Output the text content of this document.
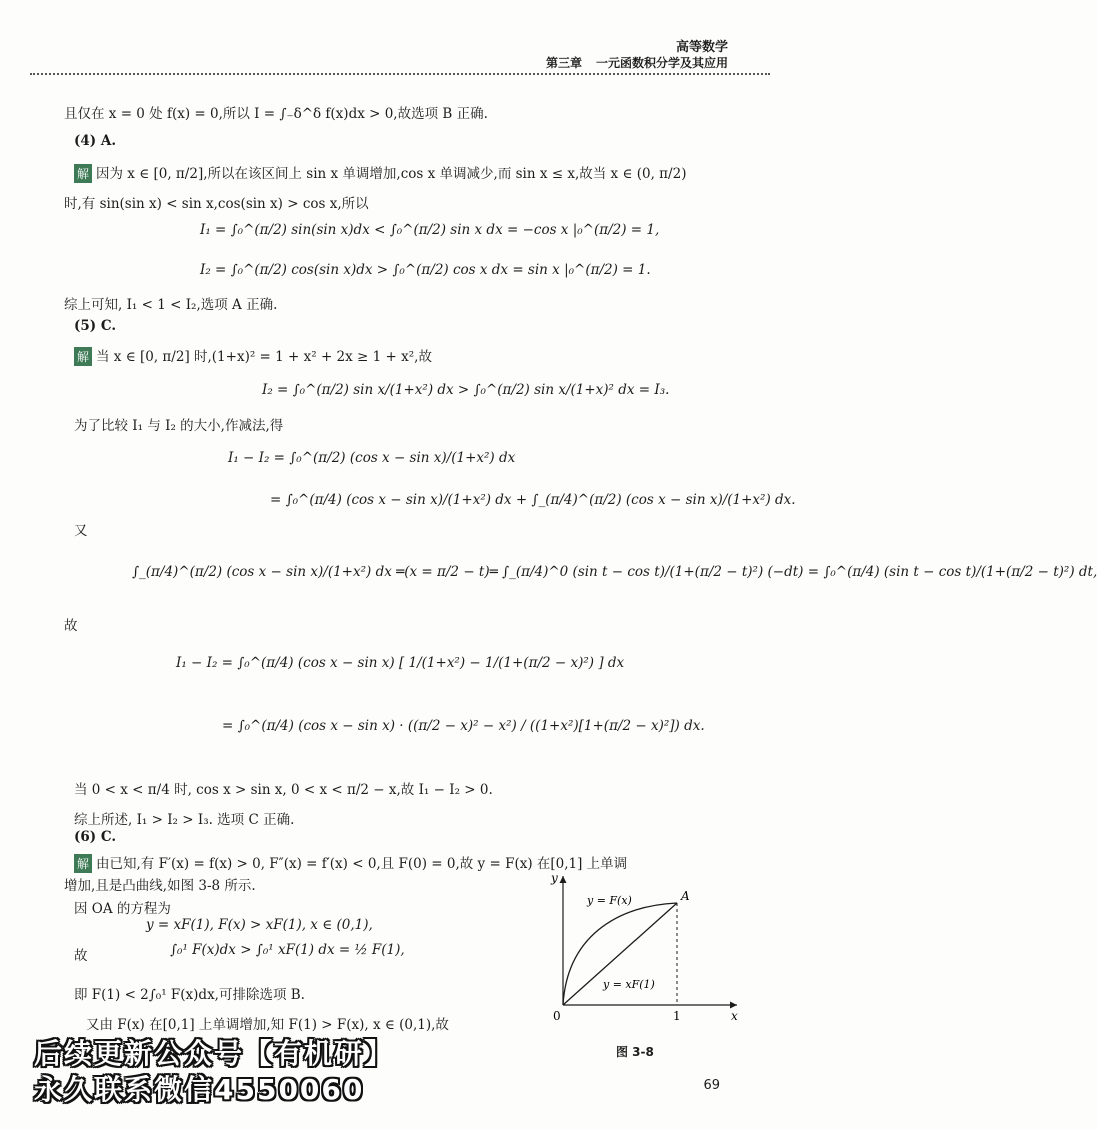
高等数学
第三章 一元函数积分学及其应用
且仅在 x = 0 处 f(x) = 0,所以 I = ∫₋δ^δ f(x)dx > 0,故选项 B 正确.
(4) A.
解 因为 x ∈ [0, π/2],所以在该区间上 sin x 单调增加,cos x 单调减少,而 sin x ≤ x,故当 x ∈ (0, π/2)
时,有 sin(sin x) < sin x,cos(sin x) > cos x,所以
I₁ = ∫₀^(π/2) sin(sin x)dx < ∫₀^(π/2) sin x dx = −cos x |₀^(π/2) = 1,
I₂ = ∫₀^(π/2) cos(sin x)dx > ∫₀^(π/2) cos x dx = sin x |₀^(π/2) = 1.
综上可知, I₁ < 1 < I₂,选项 A 正确.
(5) C.
解 当 x ∈ [0, π/2] 时,(1+x)² = 1 + x² + 2x ≥ 1 + x²,故
I₂ = ∫₀^(π/2) sin x/(1+x²) dx > ∫₀^(π/2) sin x/(1+x)² dx = I₃.
为了比较 I₁ 与 I₂ 的大小,作减法,得
I₁ − I₂ = ∫₀^(π/2) (cos x − sin x)/(1+x²) dx
= ∫₀^(π/4) (cos x − sin x)/(1+x²) dx + ∫_(π/4)^(π/2) (cos x − sin x)/(1+x²) dx.
又
∫_(π/4)^(π/2) (cos x − sin x)/(1+x²) dx ═(x = π/2 − t)═ ∫_(π/4)^0 (sin t − cos t)/(1+(π/2 − t)²) (−dt) = ∫₀^(π/4) (sin t − cos t)/(1+(π/2 − t)²) dt,
故
I₁ − I₂ = ∫₀^(π/4) (cos x − sin x) [ 1/(1+x²) − 1/(1+(π/2 − x)²) ] dx
= ∫₀^(π/4) (cos x − sin x) · ((π/2 − x)² − x²) / ((1+x²)[1+(π/2 − x)²]) dx.
当 0 < x < π/4 时, cos x > sin x, 0 < x < π/2 − x,故 I₁ − I₂ > 0.
综上所述, I₁ > I₂ > I₃. 选项 C 正确.
(6) C.
解 由已知,有 F′(x) = f(x) > 0, F″(x) = f′(x) < 0,且 F(0) = 0,故 y = F(x) 在[0,1] 上单调
增加,且是凸曲线,如图 3-8 所示.
因 OA 的方程为
y = xF(1), F(x) > xF(1), x ∈ (0,1),
故	∫₀¹ F(x)dx > ∫₀¹ xF(1) dx = ½ F(1),
即 F(1) < 2∫₀¹ F(x)dx,可排除选项 B.
又由 F(x) 在[0,1] 上单调增加,知 F(1) > F(x), x ∈ (0,1),故
y
x
0	1
A
y = F(x)
y = xF(1)
图 3-8
后续更新公众号【有机研】
永久联系微信4550060	69
